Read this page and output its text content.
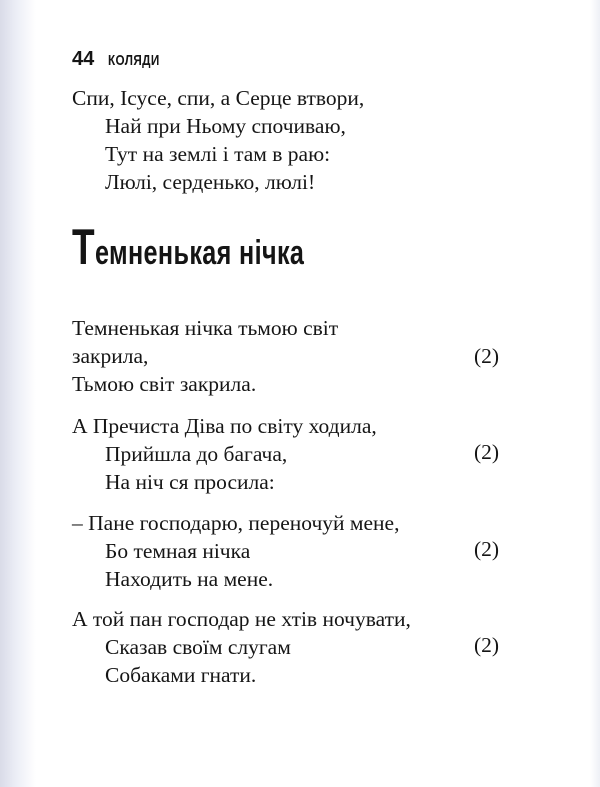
44 КОЛЯДИ
Спи, Ісусе, спи, а Серце втвори,
Най при Ньому спочиваю,
Тут на землі і там в раю:
Люлі, серденько, люлі!
Темненькая нічка
Темненькая нічка тьмою світ
закрила,
Тьмою світ закрила.
(2)
А Пречиста Діва по світу ходила,
Прийшла до багача,
На ніч ся просила:
(2)
– Пане господарю, переночуй мене,
Бо темная нічка
Находить на мене.
(2)
А той пан господар не хтів ночувати,
Сказав своїм слугам
Собаками гнати.
(2)
